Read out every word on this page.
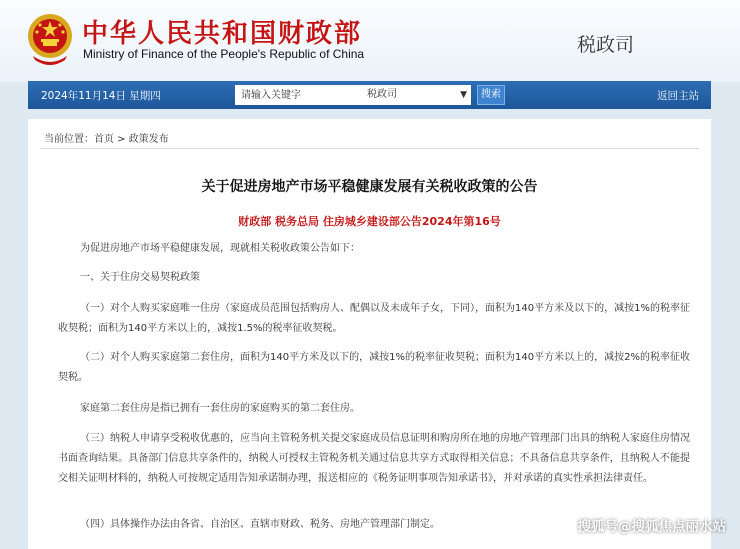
中华人民共和国财政部
Ministry of Finance of the People's Republic of China	税政司
2024年11月14日 星期四
请输入关键字	税政司	▼	搜索	返回主站
当前位置：首页 > 政策发布
关于促进房地产市场平稳健康发展有关税收政策的公告
财政部 税务总局 住房城乡建设部公告2024年第16号
为促进房地产市场平稳健康发展，现就相关税收政策公告如下：
一、关于住房交易契税政策
（一）对个人购买家庭唯一住房（家庭成员范围包括购房人、配偶以及未成年子女，下同），面积为140平方米及以下的，减按1%的税率征收契税；面积为140平方米以上的，减按1.5%的税率征收契税。
（二）对个人购买家庭第二套住房，面积为140平方米及以下的，减按1%的税率征收契税；面积为140平方米以上的，减按2%的税率征收契税。
家庭第二套住房是指已拥有一套住房的家庭购买的第二套住房。
（三）纳税人申请享受税收优惠的，应当向主管税务机关提交家庭成员信息证明和购房所在地的房地产管理部门出具的纳税人家庭住房情况书面查询结果。具备部门信息共享条件的，纳税人可授权主管税务机关通过信息共享方式取得相关信息；不具备信息共享条件，且纳税人不能提交相关证明材料的，纳税人可按规定适用告知承诺制办理，报送相应的《税务证明事项告知承诺书》，并对承诺的真实性承担法律责任。
（四）具体操作办法由各省、自治区、直辖市财政、税务、房地产管理部门制定。	搜狐号@搜狐焦点丽水站
